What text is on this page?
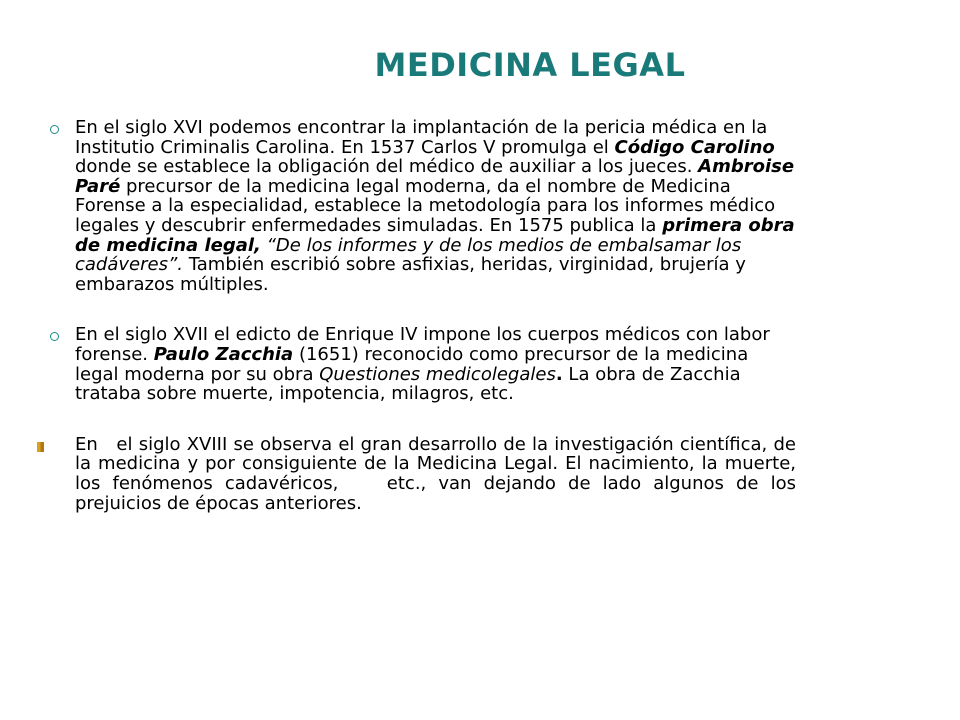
MEDICINA LEGAL
En el siglo XVI podemos encontrar la implantación de la pericia médica en la Institutio Criminalis Carolina. En 1537 Carlos V promulga el Código Carolino donde se establece la obligación del médico de auxiliar a los jueces. Ambroise Paré precursor de la medicina legal moderna, da el nombre de Medicina Forense a la especialidad, establece la metodología para los informes médico legales y descubrir enfermedades simuladas. En 1575 publica la primera obra de medicina legal, “De los informes y de los medios de embalsamar los cadáveres”. También escribió sobre asfixias, heridas, virginidad, brujería y embarazos múltiples.
En el siglo XVII el edicto de Enrique IV impone los cuerpos médicos con labor forense. Paulo Zacchia (1651) reconocido como precursor de la medicina legal moderna por su obra Questiones medicolegales. La obra de Zacchia trataba sobre muerte, impotencia, milagros, etc.
En   el siglo XVIII se observa el gran desarrollo de la investigación científica, de la medicina y por consiguiente de la Medicina Legal. El nacimiento, la muerte, los fenómenos cadavéricos,    etc., van dejando de lado algunos de los prejuicios de épocas anteriores.
